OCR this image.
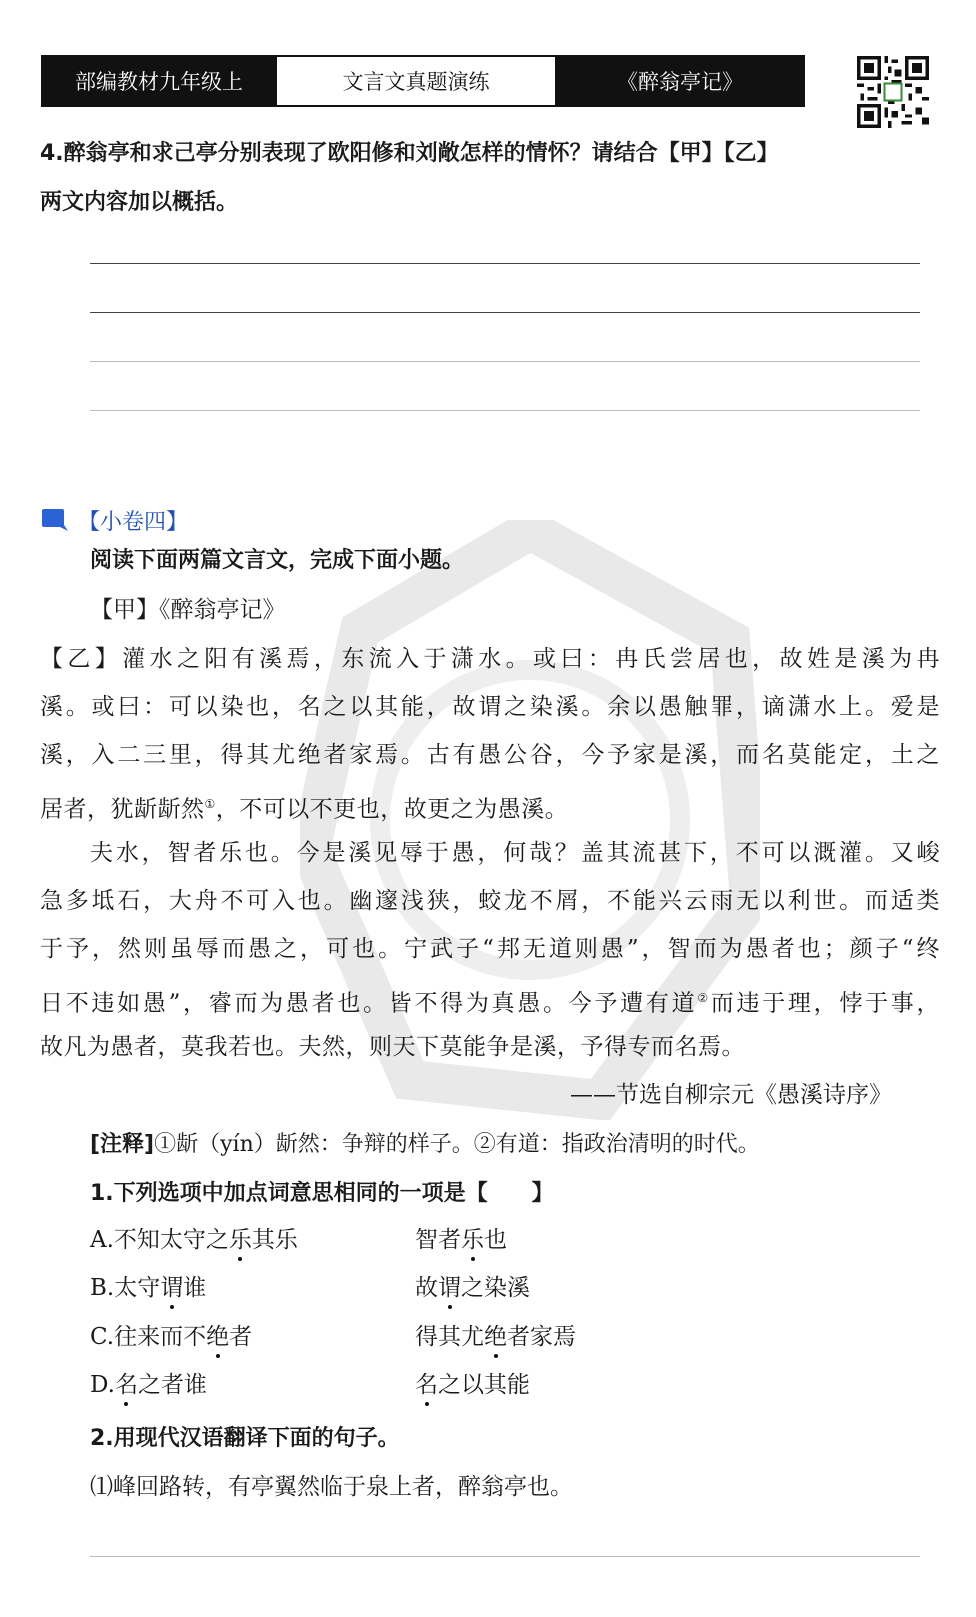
部编教材九年级上	文言文真题演练	《醉翁亭记》
4.醉翁亭和求己亭分别表现了欧阳修和刘敞怎样的情怀？请结合【甲】【乙】
两文内容加以概括。
【小卷四】
阅读下面两篇文言文，完成下面小题。
【甲】《醉翁亭记》
【乙】灌水之阳有溪焉，东流入于潇水。或曰：冉氏尝居也，故姓是溪为冉
溪。或曰：可以染也，名之以其能，故谓之染溪。余以愚触罪，谪潇水上。爱是
溪，入二三里，得其尤绝者家焉。古有愚公谷，今予家是溪，而名莫能定，土之
居者，犹龂龂然①，不可以不更也，故更之为愚溪。
夫水，智者乐也。今是溪见辱于愚，何哉？盖其流甚下，不可以溉灌。又峻
急多坻石，大舟不可入也。幽邃浅狭，蛟龙不屑，不能兴云雨无以利世。而适类
于予，然则虽辱而愚之，可也。宁武子“邦无道则愚”，智而为愚者也；颜子“终
日不违如愚”，睿而为愚者也。皆不得为真愚。今予遭有道②而违于理，悖于事，
故凡为愚者，莫我若也。夫然，则天下莫能争是溪，予得专而名焉。
——节选自柳宗元《愚溪诗序》
[注释]①龂（yín）龂然：争辩的样子。②有道：指政治清明的时代。
1.下列选项中加点词意思相同的一项是【　　】
A.不知太守之乐其乐	智者乐也
B.太守谓谁	故谓之染溪
C.往来而不绝者	得其尤绝者家焉
D.名之者谁	名之以其能
2.用现代汉语翻译下面的句子。
⑴峰回路转，有亭翼然临于泉上者，醉翁亭也。
